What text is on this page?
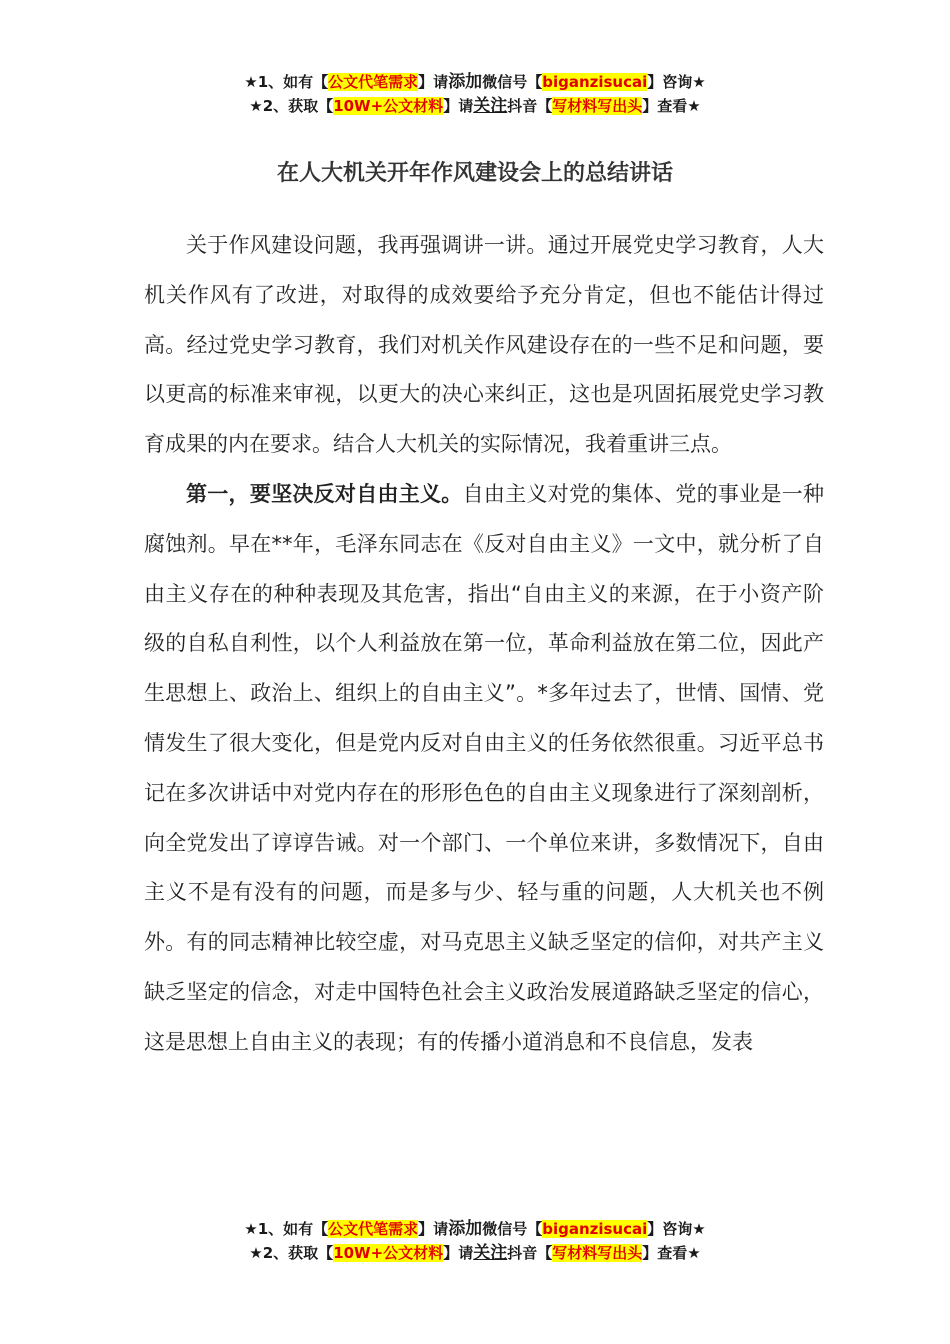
★1、如有【公文代笔需求】请添加微信号【biganzisucai】咨询★
★2、获取【10W+公文材料】请关注抖音【写材料写出头】查看★
在人大机关开年作风建设会上的总结讲话

关于作风建设问题，我再强调讲一讲。通过开展党史学习教育，人大机关作风有了改进，对取得的成效要给予充分肯定，但也不能估计得过高。经过党史学习教育，我们对机关作风建设存在的一些不足和问题，要以更高的标准来审视，以更大的决心来纠正，这也是巩固拓展党史学习教育成果的内在要求。结合人大机关的实际情况，我着重讲三点。

第一，要坚决反对自由主义。自由主义对党的集体、党的事业是一种腐蚀剂。早在**年，毛泽东同志在《反对自由主义》一文中，就分析了自由主义存在的种种表现及其危害，指出“自由主义的来源，在于小资产阶级的自私自利性，以个人利益放在第一位，革命利益放在第二位，因此产生思想上、政治上、组织上的自由主义”。*多年过去了，世情、国情、党情发生了很大变化，但是党内反对自由主义的任务依然很重。习近平总书记在多次讲话中对党内存在的形形色色的自由主义现象进行了深刻剖析，向全党发出了谆谆告诫。对一个部门、一个单位来讲，多数情况下，自由主义不是有没有的问题，而是多与少、轻与重的问题，人大机关也不例外。有的同志精神比较空虚，对马克思主义缺乏坚定的信仰，对共产主义缺乏坚定的信念，对走中国特色社会主义政治发展道路缺乏坚定的信心，这是思想上自由主义的表现；有的传播小道消息和不良信息，发表

★1、如有【公文代笔需求】请添加微信号【biganzisucai】咨询★
★2、获取【10W+公文材料】请关注抖音【写材料写出头】查看★
